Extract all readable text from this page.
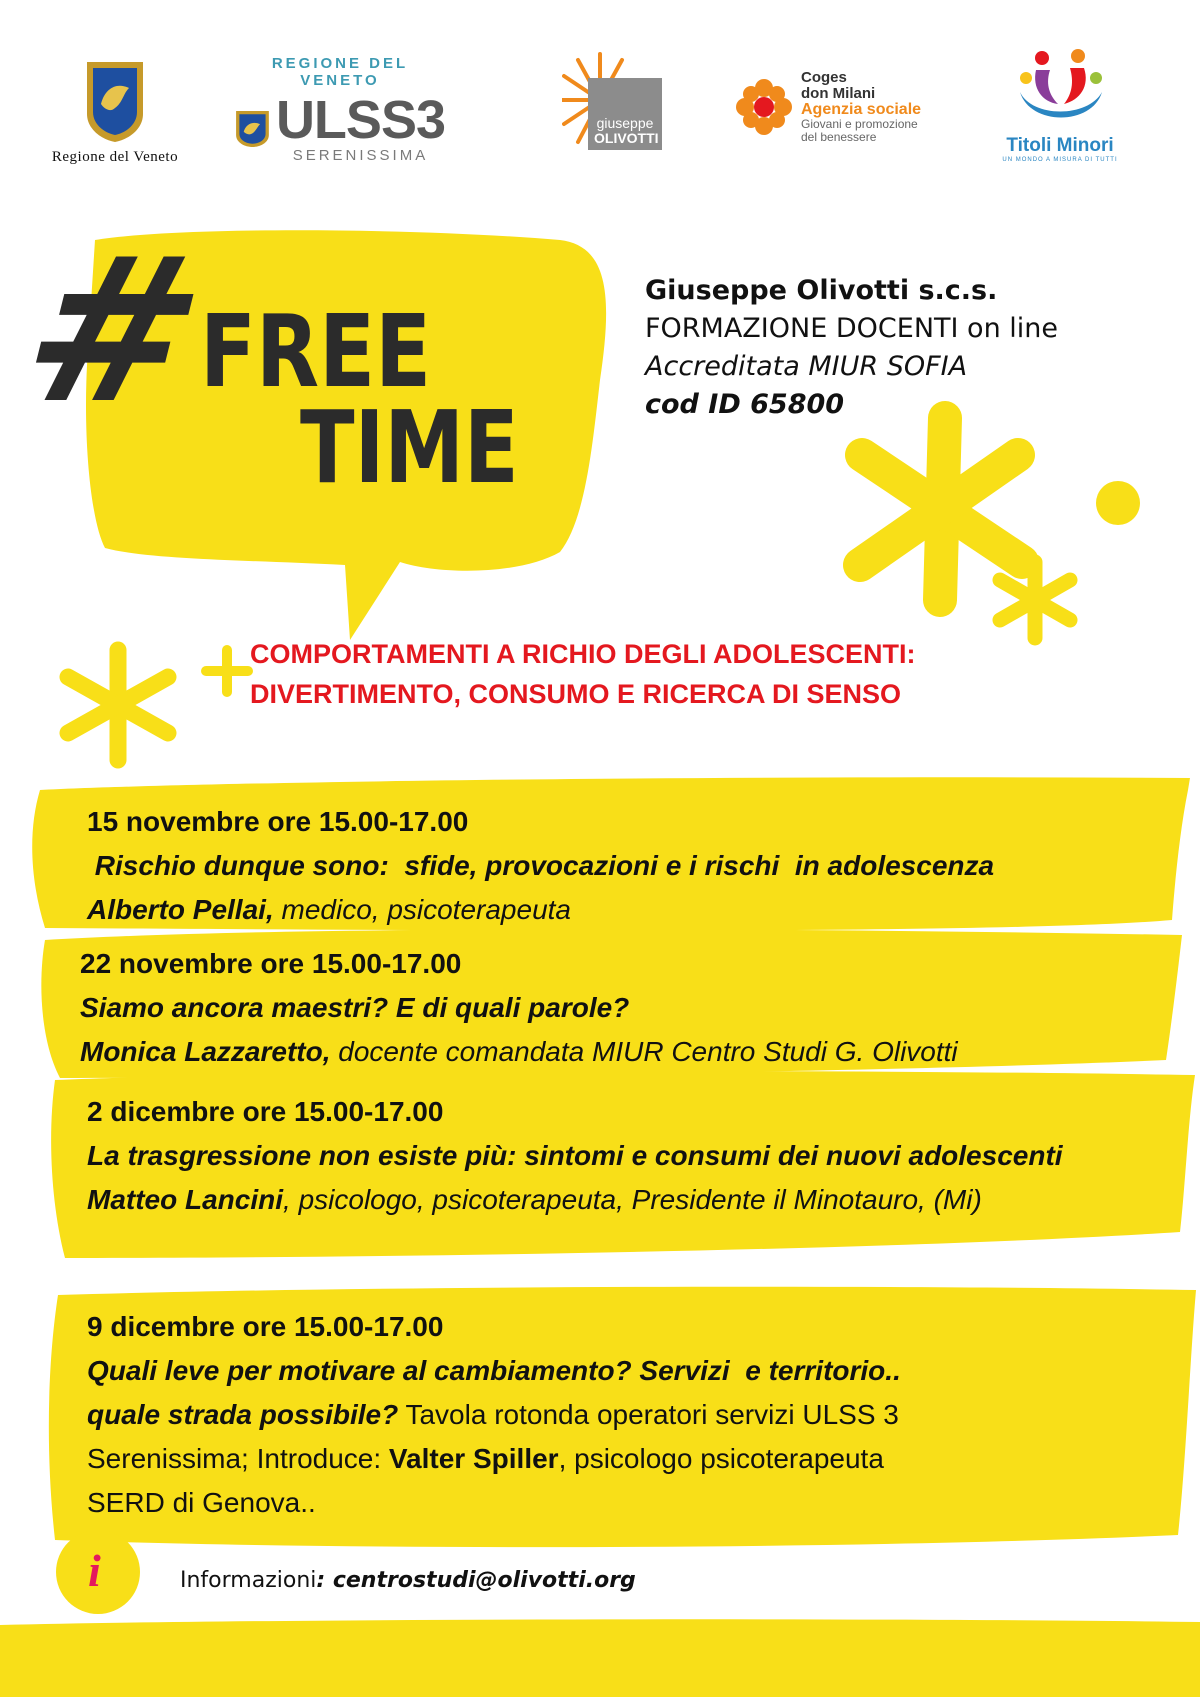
Regione del Veneto
REGIONE DEL VENETO
ULSS3
SERENISSIMA
giuseppe
OLIVOTTI
Coges
don Milani
Agenzia sociale
Giovani e promozione
del benessere	Titoli Minori
UN MONDO A MISURA DI TUTTI
#
FREE
TIME
Giuseppe Olivotti s.c.s.
FORMAZIONE DOCENTI on line
Accreditata MIUR SOFIA
cod ID 65800
COMPORTAMENTI A RICHIO DEGLI ADOLESCENTI:
DIVERTIMENTO, CONSUMO E RICERCA DI SENSO
15 novembre ore 15.00-17.00
Rischio dunque sono:  sfide, provocazioni e i rischi  in adolescenza
Alberto Pellai, medico, psicoterapeuta
22 novembre ore 15.00-17.00
Siamo ancora maestri? E di quali parole?
Monica Lazzaretto, docente comandata MIUR Centro Studi G. Olivotti
2 dicembre ore 15.00-17.00
La trasgressione non esiste più: sintomi e consumi dei nuovi adolescenti
Matteo Lancini, psicologo, psicoterapeuta, Presidente il Minotauro, (Mi)
9 dicembre ore 15.00-17.00
Quali leve per motivare al cambiamento? Servizi  e territorio..
quale strada possibile? Tavola rotonda operatori servizi ULSS 3
Serenissima; Introduce: Valter Spiller, psicologo psicoterapeuta
SERD di Genova..
i	Informazioni: centrostudi@olivotti.org
